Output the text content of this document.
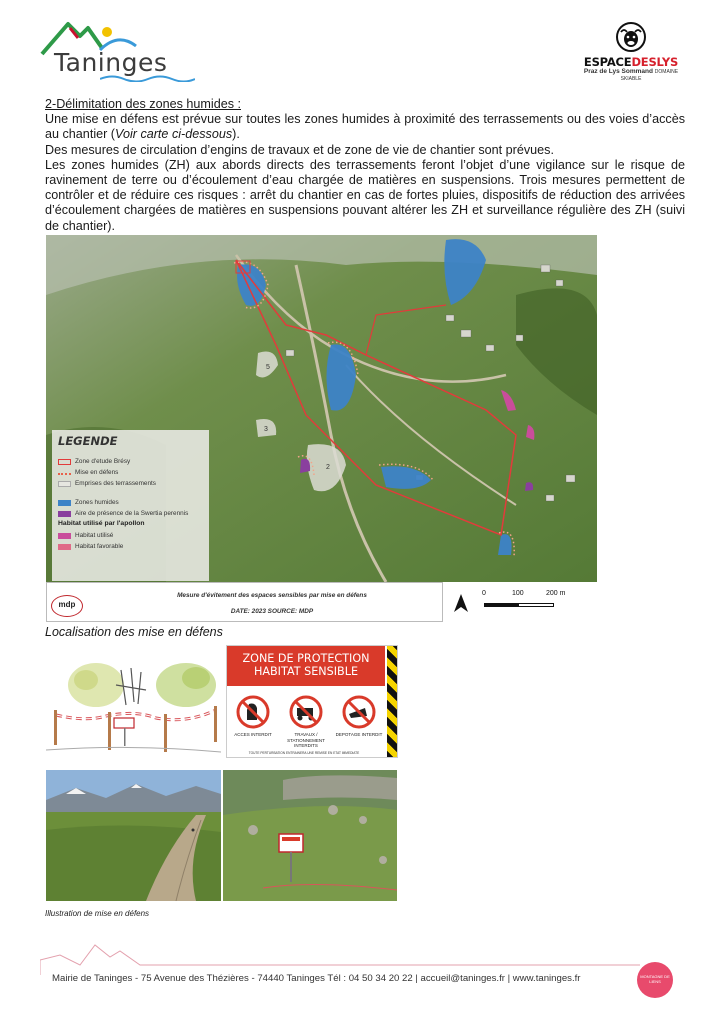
Taninges	ESPACEDESLYS
Praz de Lys Sommand DOMAINE SKIABLE
2-Délimitation des zones humides :

Une mise en défens est prévue sur toutes les zones humides à proximité des terrassements ou des voies d’accès au chantier (Voir carte ci-dessous).

Des mesures de circulation d’engins de travaux et de zone de vie de chantier sont prévues.

Les zones humides (ZH) aux abords directs des terrassements feront l’objet d’une vigilance sur le risque de ravinement de terre ou d’écoulement d’eau chargée de matières en suspensions. Trois mesures permettent de contrôler et de réduire ces risques : arrêt du chantier en cas de fortes pluies, dispositifs de réduction des arrivées d’écoulement chargées de matières en suspensions pouvant altérer les ZH et surveillance régulière des ZH (suivi de chantier).

5
3
2
LEGENDE
Zone d'etude Brésy
Mise en défens
Emprises des terrassements
Zones humides
Aire de présence de la Swertia perennis
Habitat utilisé par l'apollon
Habitat utilisé
Habitat favorable
mdp
Mesure d'évitement des espaces sensibles par mise en défens
DATE: 2023 SOURCE: MDP
0	100	200 m
Localisation des mise en défens
ZONE DE PROTECTION
HABITAT SENSIBLE
ACCES INTERDIT	TRAVAUX / STATIONNEMENT INTERDITS
DEPOTAGE INTERDIT
TOUTE PERTURBATION ENTRAINERA UNE REMISE EN ETAT IMMEDIATE
Illustration de mise en défens
Mairie de Taninges - 75 Avenue des Thézières - 74440 Taninges Tél : 04 50 34 20 22 | accueil@taninges.fr | www.taninges.fr	MONTAGNE DE LIENS
